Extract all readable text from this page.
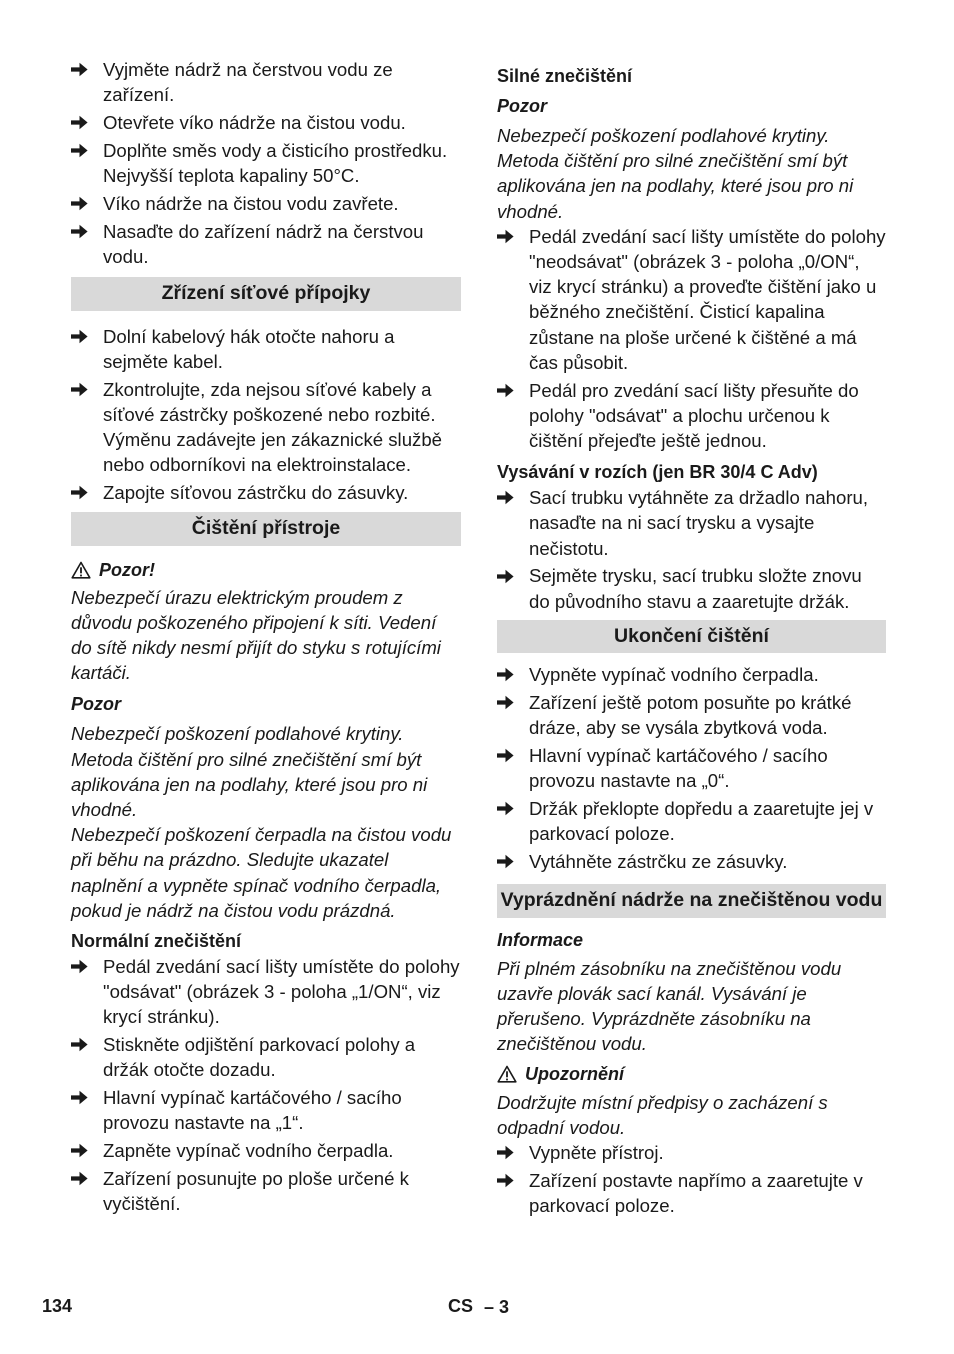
Vyjměte nádrž na čerstvou vodu ze zařízení.
Otevřete víko nádrže na čistou vodu.
Doplňte směs vody a čisticího prostředku. Nejvyšší teplota kapaliny 50°C.
Víko nádrže na čistou vodu zavřete.
Nasaďte do zařízení nádrž na čerstvou vodu.
Zřízení síťové přípojky
Dolní kabelový hák otočte nahoru a sejměte kabel.
Zkontrolujte, zda nejsou síťové kabely a síťové zástrčky poškozené nebo rozbité. Výměnu zadávejte jen zákaznické službě nebo odborníkovi na elektroinstalace.
Zapojte síťovou zástrčku do zásuvky.
Čištění přístroje
Pozor!
Nebezpečí úrazu elektrickým proudem z důvodu poškozeného připojení k síti. Vedení do sítě nikdy nesmí přijít do styku s rotujícími kartáči.
Pozor
Nebezpečí poškození podlahové krytiny. Metoda čištění pro silné znečištění smí být aplikována jen na podlahy, které jsou pro ni vhodné.
Nebezpečí poškození čerpadla na čistou vodu při běhu na prázdno. Sledujte ukazatel naplnění a vypněte spínač vodního čerpadla, pokud je nádrž na čistou vodu prázdná.
Normální znečištění
Pedál zvedání sací lišty umístěte do polohy "odsávat" (obrázek 3 - poloha „1/ON“, viz krycí stránku).
Stiskněte odjištění parkovací polohy a držák otočte dozadu.
Hlavní vypínač kartáčového / sacího provozu nastavte na „1“.
Zapněte vypínač vodního čerpadla.
Zařízení posunujte po ploše určené k vyčištění.
Silné znečištění
Pozor
Nebezpečí poškození podlahové krytiny. Metoda čištění pro silné znečištění smí být aplikována jen na podlahy, které jsou pro ni vhodné.
Pedál zvedání sací lišty umístěte do polohy "neodsávat" (obrázek 3 - poloha „0/ON“, viz krycí stránku) a proveďte čištění jako u běžného znečištění. Čisticí kapalina zůstane na ploše určené k čištěné a má čas působit.
Pedál pro zvedání sací lišty přesuňte do polohy "odsávat" a plochu určenou k čištění přejeďte ještě jednou.
Vysávání v rozích (jen BR 30/4 C Adv)
Sací trubku vytáhněte za držadlo nahoru, nasaďte na ni sací trysku a vysajte nečistotu.
Sejměte trysku, sací trubku složte znovu do původního stavu a zaaretujte držák.
Ukončení čištění
Vypněte vypínač vodního čerpadla.
Zařízení ještě potom posuňte po krátké dráze, aby se vysála zbytková voda.
Hlavní vypínač kartáčového / sacího provozu nastavte na „0“.
Držák překlopte dopředu a zaaretujte jej v parkovací poloze.
Vytáhněte zástrčku ze zásuvky.
Vyprázdnění nádrže na znečištěnou vodu
Informace
Při plném zásobníku na znečištěnou vodu uzavře plovák sací kanál. Vysávání je přerušeno. Vyprázdněte zásobníku na znečištěnou vodu.
Upozornění
Dodržujte místní předpisy o zacházení s odpadní vodou.
Vypněte přístroj.
Zařízení postavte napřímo a zaaretujte v parkovací poloze.
134	CS – 3
